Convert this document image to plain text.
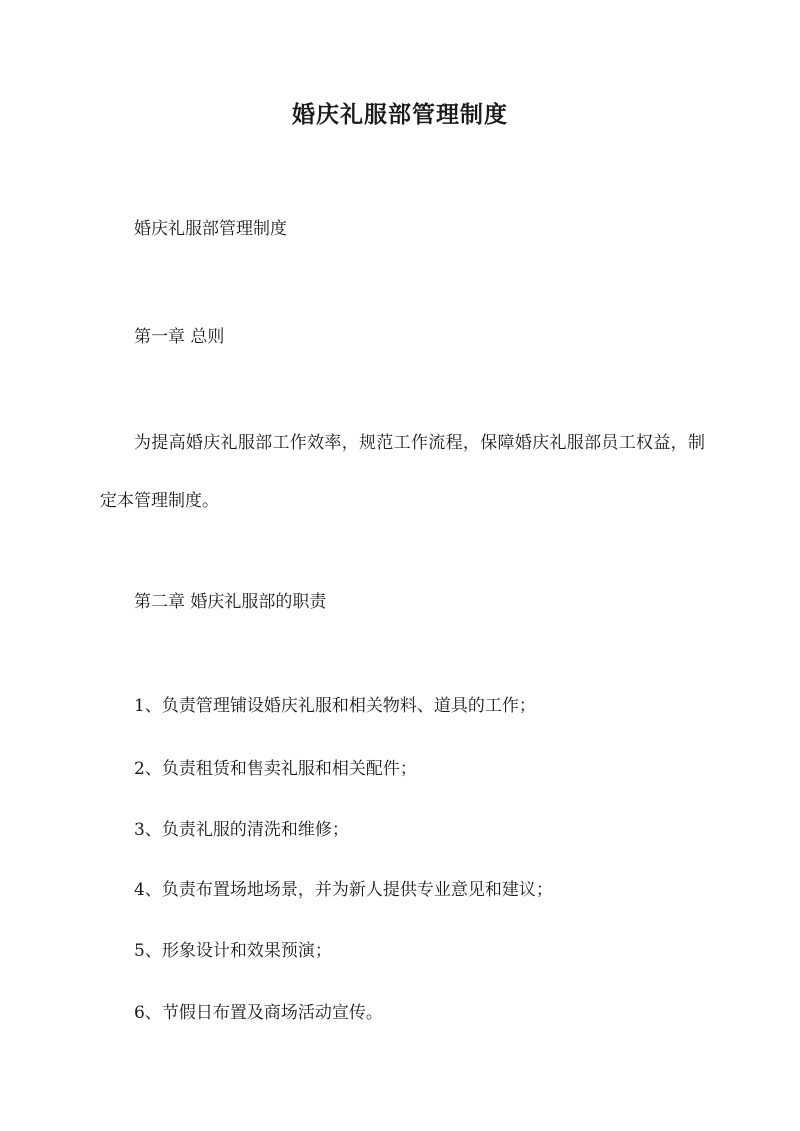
婚庆礼服部管理制度

婚庆礼服部管理制度

第一章 总则

为提高婚庆礼服部工作效率，规范工作流程，保障婚庆礼服部员工权益，制定本管理制度。

第二章 婚庆礼服部的职责

1、负责管理铺设婚庆礼服和相关物料、道具的工作；

2、负责租赁和售卖礼服和相关配件；

3、负责礼服的清洗和维修；

4、负责布置场地场景，并为新人提供专业意见和建议；

5、形象设计和效果预演；

6、节假日布置及商场活动宣传。
